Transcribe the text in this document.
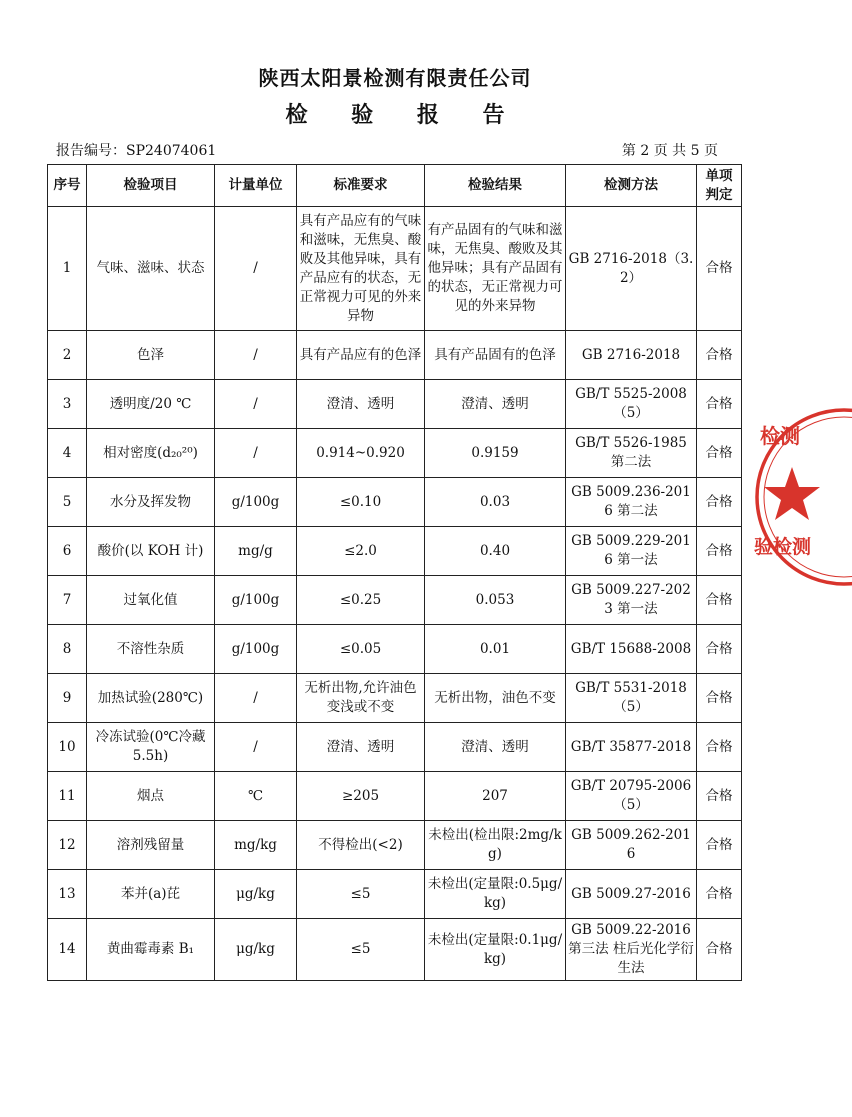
陕西太阳景检测有限责任公司
检 验 报 告
报告编号：SP24074061	第 2 页 共 5 页
序号	检验项目	计量单位	标准要求	检验结果	检测方法	单项判定
1	气味、滋味、状态	/	具有产品应有的气味和滋味，无焦臭、酸败及其他异味，具有产品应有的状态，无正常视力可见的外来异物	有产品固有的气味和滋味，无焦臭、酸败及其他异味；具有产品固有的状态，无正常视力可见的外来异物	GB 2716-2018（3.2）	合格
2	色泽	/	具有产品应有的色泽	具有产品固有的色泽	GB 2716-2018	合格
3	透明度/20 ℃	/	澄清、透明	澄清、透明	GB/T 5525-2008（5）	合格
4	相对密度(d₂₀²⁰)	/	0.914~0.920	0.9159	GB/T 5526-1985 第二法	合格
5	水分及挥发物	g/100g	≤0.10	0.03	GB 5009.236-2016 第二法	合格
6	酸价(以 KOH 计)	mg/g	≤2.0	0.40	GB 5009.229-2016 第一法	合格
7	过氧化值	g/100g	≤0.25	0.053	GB 5009.227-2023 第一法	合格
8	不溶性杂质	g/100g	≤0.05	0.01	GB/T 15688-2008	合格
9	加热试验(280℃)	/	无析出物,允许油色变浅或不变	无析出物，油色不变	GB/T 5531-2018（5）	合格
10	冷冻试验(0℃冷藏 5.5h)	/	澄清、透明	澄清、透明	GB/T 35877-2018	合格
11	烟点	℃	≥205	207	GB/T 20795-2006（5）	合格
12	溶剂残留量	mg/kg	不得检出(<2)	未检出(检出限:2mg/kg)	GB 5009.262-2016	合格
13	苯并(a)芘	μg/kg	≤5	未检出(定量限:0.5μg/kg)	GB 5009.27-2016	合格
14	黄曲霉毒素 B₁	μg/kg	≤5	未检出(定量限:0.1μg/kg)	GB 5009.22-2016 第三法 柱后光化学衍生法	合格
检测
验检测
